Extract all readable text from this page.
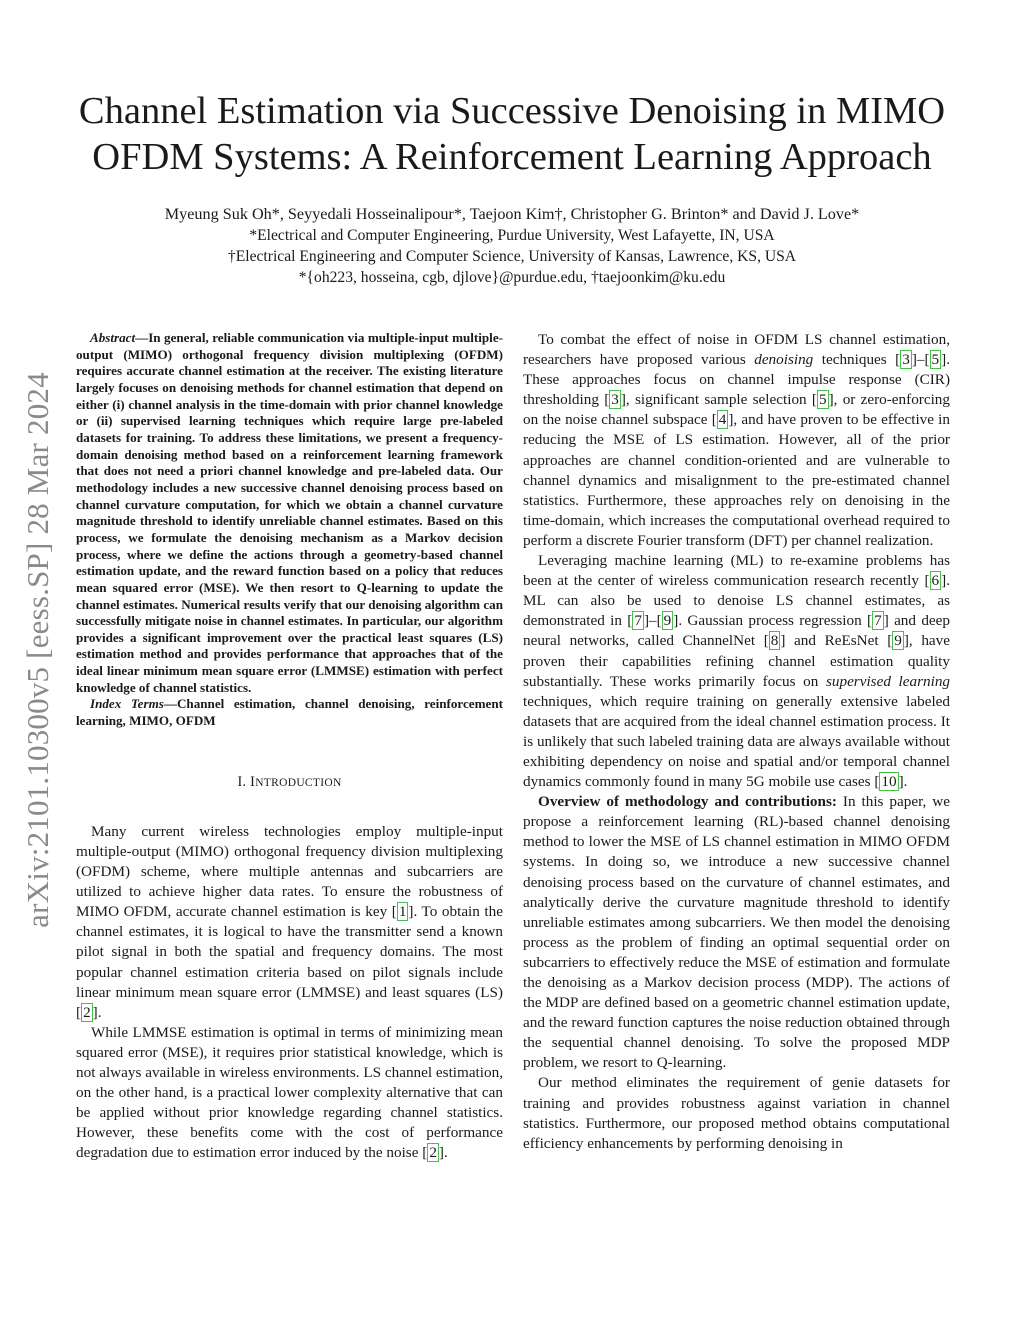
arXiv:2101.10300v5 [eess.SP] 28 Mar 2024
Channel Estimation via Successive Denoising in MIMO
OFDM Systems: A Reinforcement Learning Approach
Myeung Suk Oh*, Seyyedali Hosseinalipour*, Taejoon Kim†, Christopher G. Brinton* and David J. Love*
*Electrical and Computer Engineering, Purdue University, West Lafayette, IN, USA
†Electrical Engineering and Computer Science, University of Kansas, Lawrence, KS, USA
*{oh223, hosseina, cgb, djlove}@purdue.edu, †taejoonkim@ku.edu

Abstract—In general, reliable communication via multiple-input multiple-output (MIMO) orthogonal frequency division multiplexing (OFDM) requires accurate channel estimation at the receiver. The existing literature largely focuses on denoising methods for channel estimation that depend on either (i) channel analysis in the time-domain with prior channel knowledge or (ii) supervised learning techniques which require large pre-labeled datasets for training. To address these limitations, we present a frequency-domain denoising method based on a reinforcement learning framework that does not need a priori channel knowledge and pre-labeled data. Our methodology includes a new successive channel denoising process based on channel curvature computation, for which we obtain a channel curvature magnitude threshold to identify unreliable channel estimates. Based on this process, we formulate the denoising mechanism as a Markov decision process, where we define the actions through a geometry-based channel estimation update, and the reward function based on a policy that reduces mean squared error (MSE). We then resort to Q-learning to update the channel estimates. Numerical results verify that our denoising algorithm can successfully mitigate noise in channel estimates. In particular, our algorithm provides a significant improvement over the practical least squares (LS) estimation method and provides performance that approaches that of the ideal linear minimum mean square error (LMMSE) estimation with perfect knowledge of channel statistics.

Index Terms—Channel estimation, channel denoising, reinforcement learning, MIMO, OFDM

I. INTRODUCTION

Many current wireless technologies employ multiple-input multiple-output (MIMO) orthogonal frequency division multiplexing (OFDM) scheme, where multiple antennas and subcarriers are utilized to achieve higher data rates. To ensure the robustness of MIMO OFDM, accurate channel estimation is key [ 1 ]. To obtain the channel estimates, it is logical to have the transmitter send a known pilot signal in both the spatial and frequency domains. The most popular channel estimation criteria based on pilot signals include linear minimum mean square error (LMMSE) and least squares (LS) [ 2 ].

While LMMSE estimation is optimal in terms of minimizing mean squared error (MSE), it requires prior statistical knowledge, which is not always available in wireless environments. LS channel estimation, on the other hand, is a practical lower complexity alternative that can be applied without prior knowledge regarding channel statistics. However, these benefits come with the cost of performance degradation due to estimation error induced by the noise [ 2 ].

To combat the effect of noise in OFDM LS channel estimation, researchers have proposed various denoising techniques [ 3 ]–[ 5 ]. These approaches focus on channel impulse response (CIR) thresholding [ 3 ], significant sample selection [ 5 ], or zero-enforcing on the noise channel subspace [ 4 ], and have proven to be effective in reducing the MSE of LS estimation. However, all of the prior approaches are channel condition-oriented and are vulnerable to channel dynamics and misalignment to the pre-estimated channel statistics. Furthermore, these approaches rely on denoising in the time-domain, which increases the computational overhead required to perform a discrete Fourier transform (DFT) per channel realization.

Leveraging machine learning (ML) to re-examine problems has been at the center of wireless communication research recently [ 6 ]. ML can also be used to denoise LS channel estimates, as demonstrated in [ 7 ]–[ 9 ]. Gaussian process regression [ 7 ] and deep neural networks, called ChannelNet [ 8 ] and ReEsNet [ 9 ], have proven their capabilities refining channel estimation quality substantially. These works primarily focus on supervised learning techniques, which require training on generally extensive labeled datasets that are acquired from the ideal channel estimation process. It is unlikely that such labeled training data are always available without exhibiting dependency on noise and spatial and/or temporal channel dynamics commonly found in many 5G mobile use cases [ 10 ].

Overview of methodology and contributions: In this paper, we propose a reinforcement learning (RL)-based channel denoising method to lower the MSE of LS channel estimation in MIMO OFDM systems. In doing so, we introduce a new successive channel denoising process based on the curvature of channel estimates, and analytically derive the curvature magnitude threshold to identify unreliable estimates among subcarriers. We then model the denoising process as the problem of finding an optimal sequential order on subcarriers to effectively reduce the MSE of estimation and formulate the denoising as a Markov decision process (MDP). The actions of the MDP are defined based on a geometric channel estimation update, and the reward function captures the noise reduction obtained through the sequential channel denoising. To solve the proposed MDP problem, we resort to Q-learning.

Our method eliminates the requirement of genie datasets for training and provides robustness against variation in channel statistics. Furthermore, our proposed method obtains computational efficiency enhancements by performing denoising in
